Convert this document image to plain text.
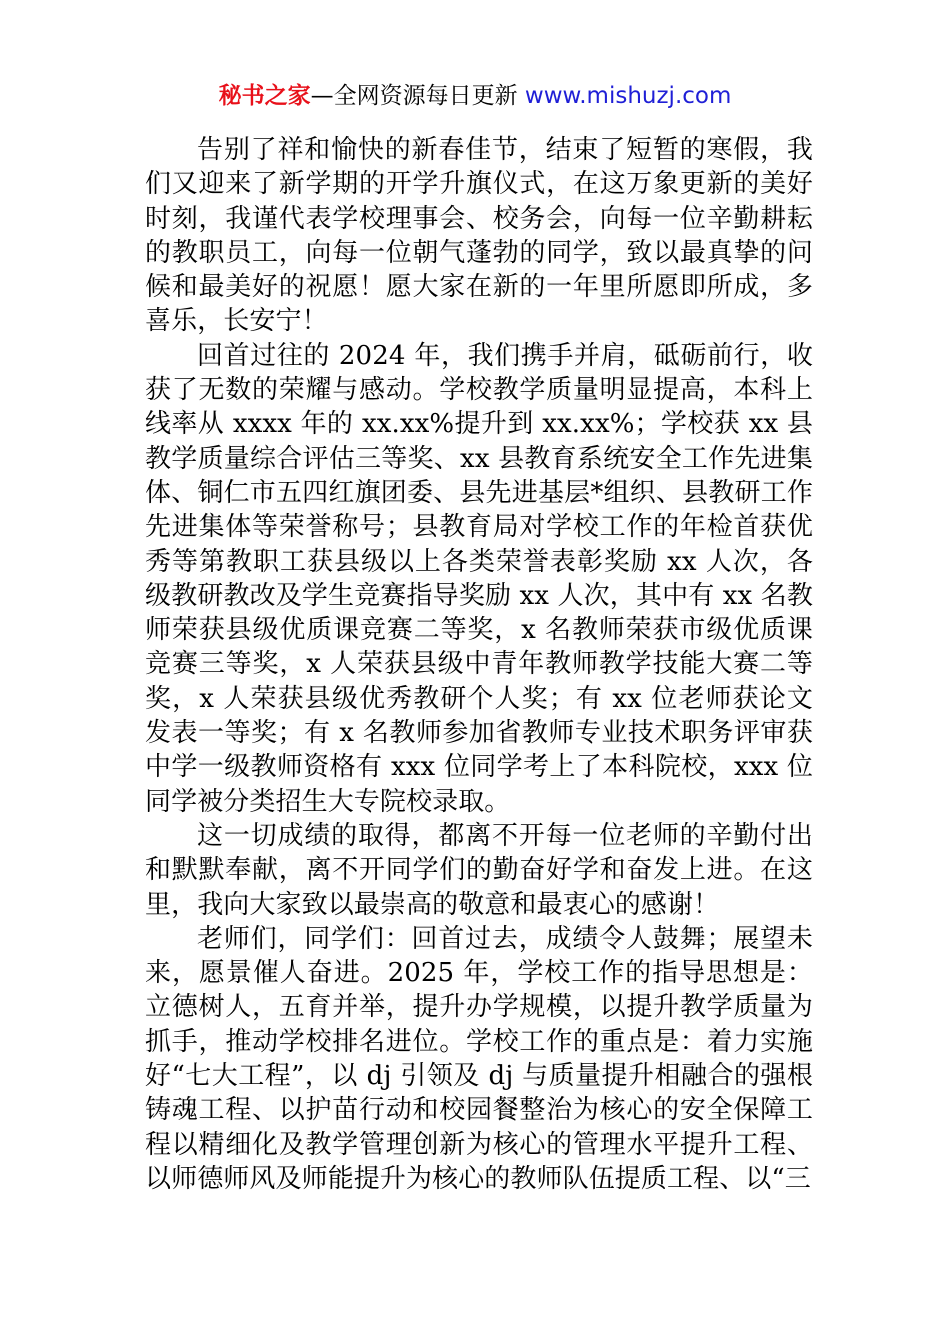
秘书之家—全网资源每日更新 www.mishuzj.com

告别了祥和愉快的新春佳节，结束了短暂的寒假，我们又迎来了新学期的开学升旗仪式，在这万象更新的美好时刻，我谨代表学校理事会、校务会，向每一位辛勤耕耘的教职员工，向每一位朝气蓬勃的同学，致以最真挚的问候和最美好的祝愿！愿大家在新的一年里所愿即所成，多喜乐，长安宁！

回首过往的 2024 年，我们携手并肩，砥砺前行，收获了无数的荣耀与感动。学校教学质量明显提高，本科上线率从 xxxx 年的 xx.xx%提升到 xx.xx%；学校获 xx 县教学质量综合评估三等奖、xx 县教育系统安全工作先进集体、铜仁市五四红旗团委、县先进基层*组织、县教研工作先进集体等荣誉称号；县教育局对学校工作的年检首获优秀等第教职工获县级以上各类荣誉表彰奖励 xx 人次，各级教研教改及学生竞赛指导奖励 xx 人次，其中有 xx 名教师荣获县级优质课竞赛二等奖，x 名教师荣获市级优质课竞赛三等奖，x 人荣获县级中青年教师教学技能大赛二等奖，x 人荣获县级优秀教研个人奖；有 xx 位老师获论文发表一等奖；有 x 名教师参加省教师专业技术职务评审获中学一级教师资格有 xxx 位同学考上了本科院校，xxx 位同学被分类招生大专院校录取。

这一切成绩的取得，都离不开每一位老师的辛勤付出和默默奉献，离不开同学们的勤奋好学和奋发上进。在这里，我向大家致以最崇高的敬意和最衷心的感谢！

老师们，同学们：回首过去，成绩令人鼓舞；展望未来，愿景催人奋进。2025 年，学校工作的指导思想是：立德树人，五育并举，提升办学规模，以提升教学质量为抓手，推动学校排名进位。学校工作的重点是：着力实施好“七大工程”，以 dj 引领及 dj 与质量提升相融合的强根铸魂工程、以护苗行动和校园餐整治为核心的安全保障工程以精细化及教学管理创新为核心的管理水平提升工程、以师德师风及师能提升为核心的教师队伍提质工程、以“三
